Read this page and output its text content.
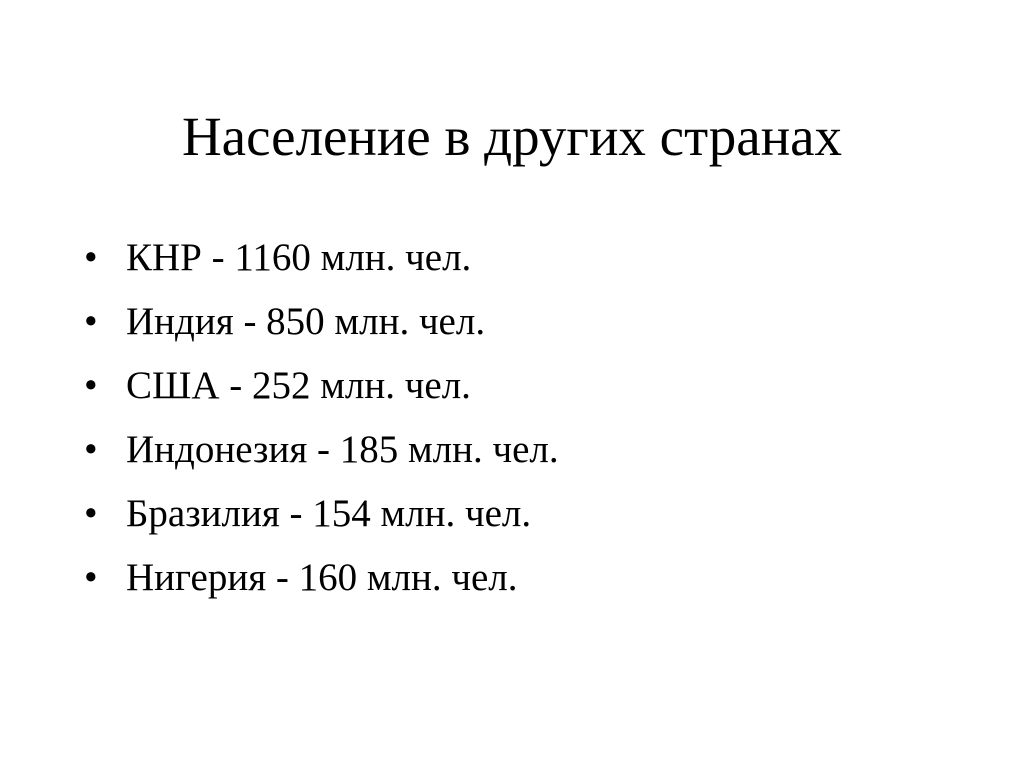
Население в других странах
• КНР - 1160 млн. чел.
• Индия - 850 млн. чел.
• США - 252 млн. чел.
• Индонезия - 185 млн. чел.
• Бразилия - 154 млн. чел.
• Нигерия - 160 млн. чел.
